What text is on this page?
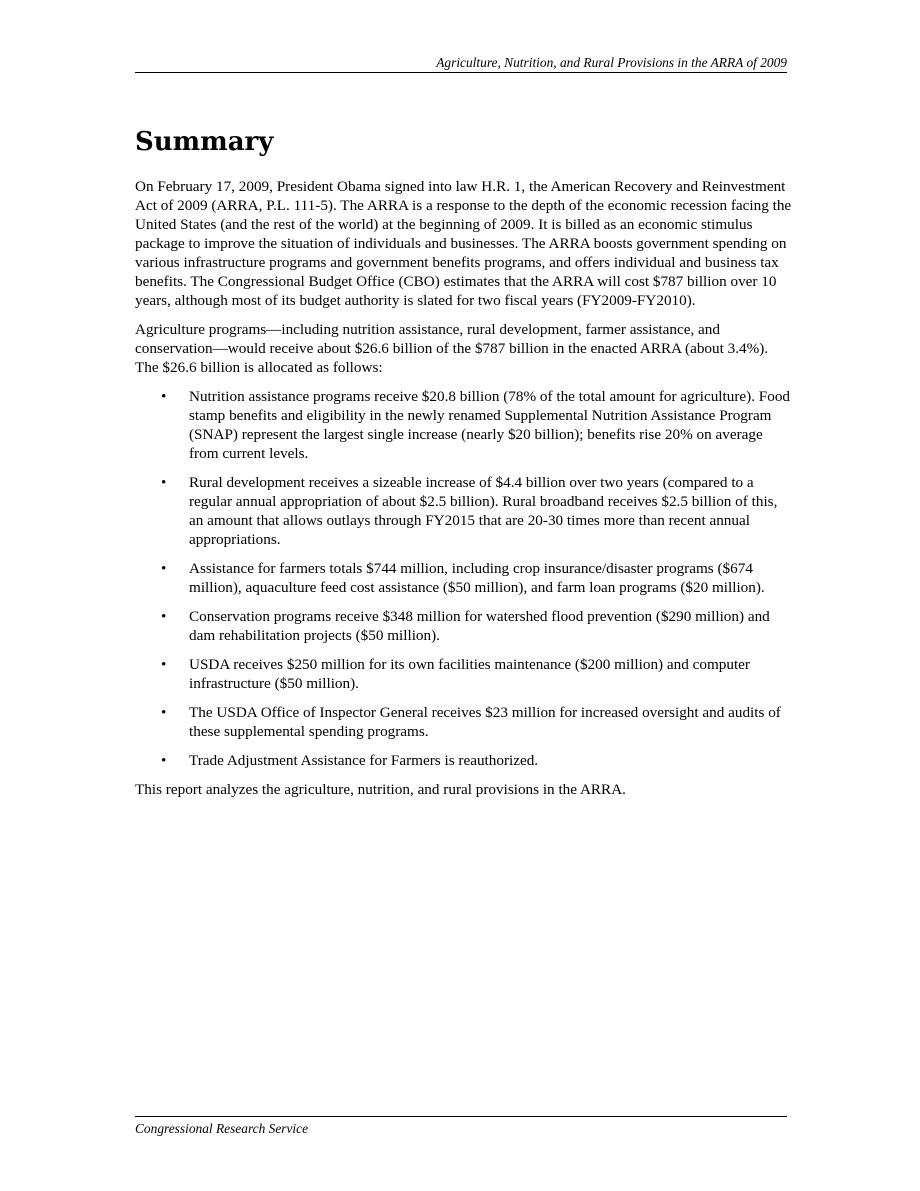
Agriculture, Nutrition, and Rural Provisions in the ARRA of 2009
Summary

On February 17, 2009, President Obama signed into law H.R. 1, the American Recovery and Reinvestment Act of 2009 (ARRA, P.L. 111-5). The ARRA is a response to the depth of the economic recession facing the United States (and the rest of the world) at the beginning of 2009. It is billed as an economic stimulus package to improve the situation of individuals and businesses. The ARRA boosts government spending on various infrastructure programs and government benefits programs, and offers individual and business tax benefits. The Congressional Budget Office (CBO) estimates that the ARRA will cost $787 billion over 10 years, although most of its budget authority is slated for two fiscal years (FY2009-FY2010).

Agriculture programs—including nutrition assistance, rural development, farmer assistance, and conservation—would receive about $26.6 billion of the $787 billion in the enacted ARRA (about 3.4%). The $26.6 billion is allocated as follows:

• Nutrition assistance programs receive $20.8 billion (78% of the total amount for agriculture). Food stamp benefits and eligibility in the newly renamed Supplemental Nutrition Assistance Program (SNAP) represent the largest single increase (nearly $20 billion); benefits rise 20% on average from current levels.
• Rural development receives a sizeable increase of $4.4 billion over two years (compared to a regular annual appropriation of about $2.5 billion). Rural broadband receives $2.5 billion of this, an amount that allows outlays through FY2015 that are 20-30 times more than recent annual appropriations.
• Assistance for farmers totals $744 million, including crop insurance/disaster programs ($674 million), aquaculture feed cost assistance ($50 million), and farm loan programs ($20 million).
• Conservation programs receive $348 million for watershed flood prevention ($290 million) and dam rehabilitation projects ($50 million).
• USDA receives $250 million for its own facilities maintenance ($200 million) and computer infrastructure ($50 million).
• The USDA Office of Inspector General receives $23 million for increased oversight and audits of these supplemental spending programs.
• Trade Adjustment Assistance for Farmers is reauthorized.

This report analyzes the agriculture, nutrition, and rural provisions in the ARRA.

Congressional Research Service
